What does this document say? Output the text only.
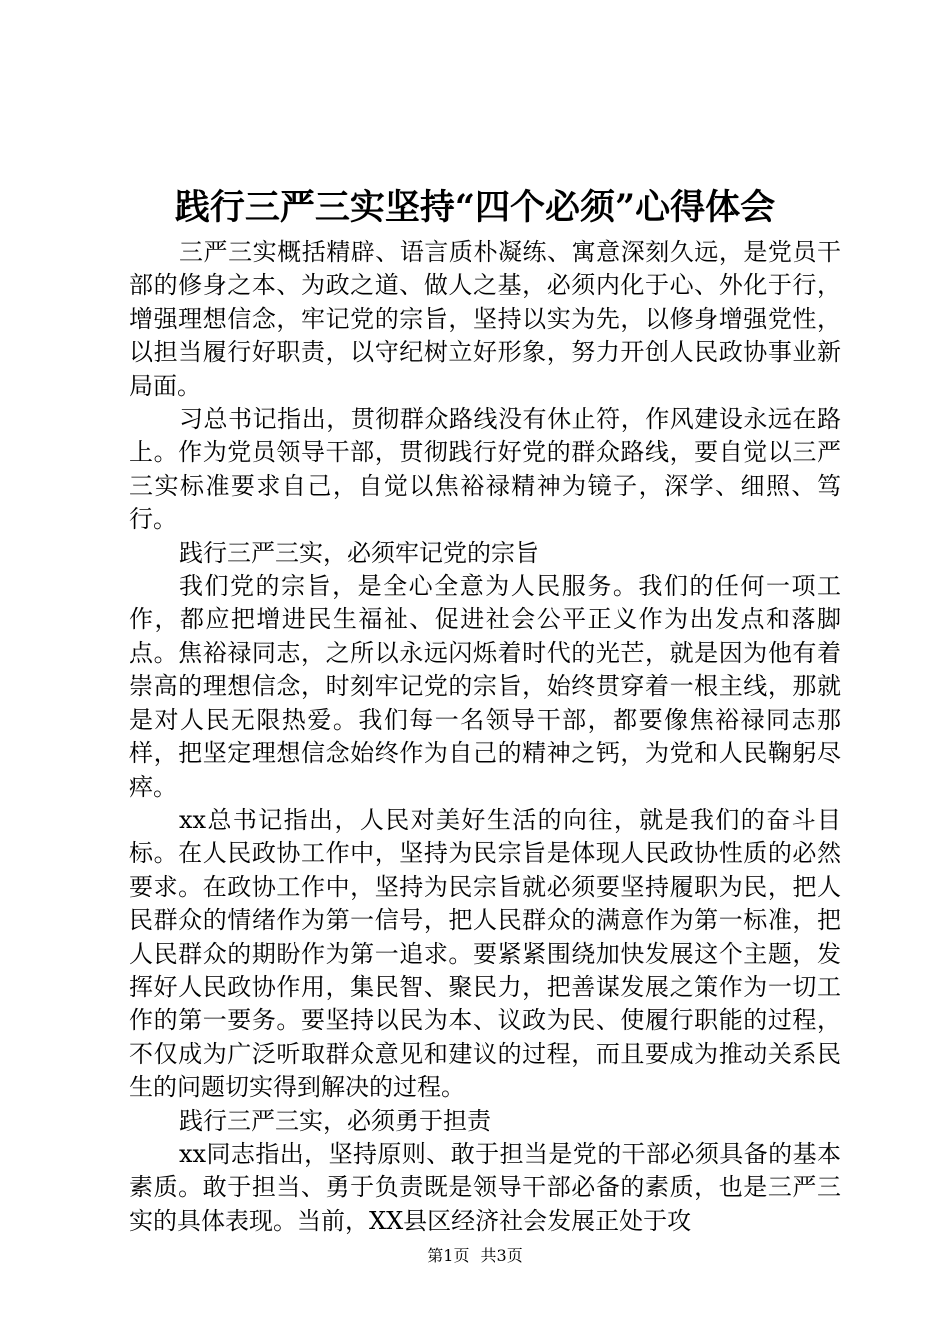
践行三严三实坚持“四个必须”心得体会

三严三实概括精辟、语言质朴凝练、寓意深刻久远，是党员干部的修身之本、为政之道、做人之基，必须内化于心、外化于行，增强理想信念，牢记党的宗旨，坚持以实为先，以修身增强党性，以担当履行好职责，以守纪树立好形象，努力开创人民政协事业新局面。

习总书记指出，贯彻群众路线没有休止符，作风建设永远在路上。作为党员领导干部，贯彻践行好党的群众路线，要自觉以三严三实标准要求自己，自觉以焦裕禄精神为镜子，深学、细照、笃行。

践行三严三实，必须牢记党的宗旨

我们党的宗旨，是全心全意为人民服务。我们的任何一项工作，都应把增进民生福祉、促进社会公平正义作为出发点和落脚点。焦裕禄同志，之所以永远闪烁着时代的光芒，就是因为他有着崇高的理想信念，时刻牢记党的宗旨，始终贯穿着一根主线，那就是对人民无限热爱。我们每一名领导干部，都要像焦裕禄同志那样，把坚定理想信念始终作为自己的精神之钙，为党和人民鞠躬尽瘁。

xx总书记指出，人民对美好生活的向往，就是我们的奋斗目标。在人民政协工作中，坚持为民宗旨是体现人民政协性质的必然要求。在政协工作中，坚持为民宗旨就必须要坚持履职为民，把人民群众的情绪作为第一信号，把人民群众的满意作为第一标准，把人民群众的期盼作为第一追求。要紧紧围绕加快发展这个主题，发挥好人民政协作用，集民智、聚民力，把善谋发展之策作为一切工作的第一要务。要坚持以民为本、议政为民、使履行职能的过程，不仅成为广泛听取群众意见和建议的过程，而且要成为推动关系民生的问题切实得到解决的过程。

践行三严三实，必须勇于担责

xx同志指出，坚持原则、敢于担当是党的干部必须具备的基本素质。敢于担当、勇于负责既是领导干部必备的素质，也是三严三实的具体表现。当前，XX县区经济社会发展正处于攻

第1页 共3页
